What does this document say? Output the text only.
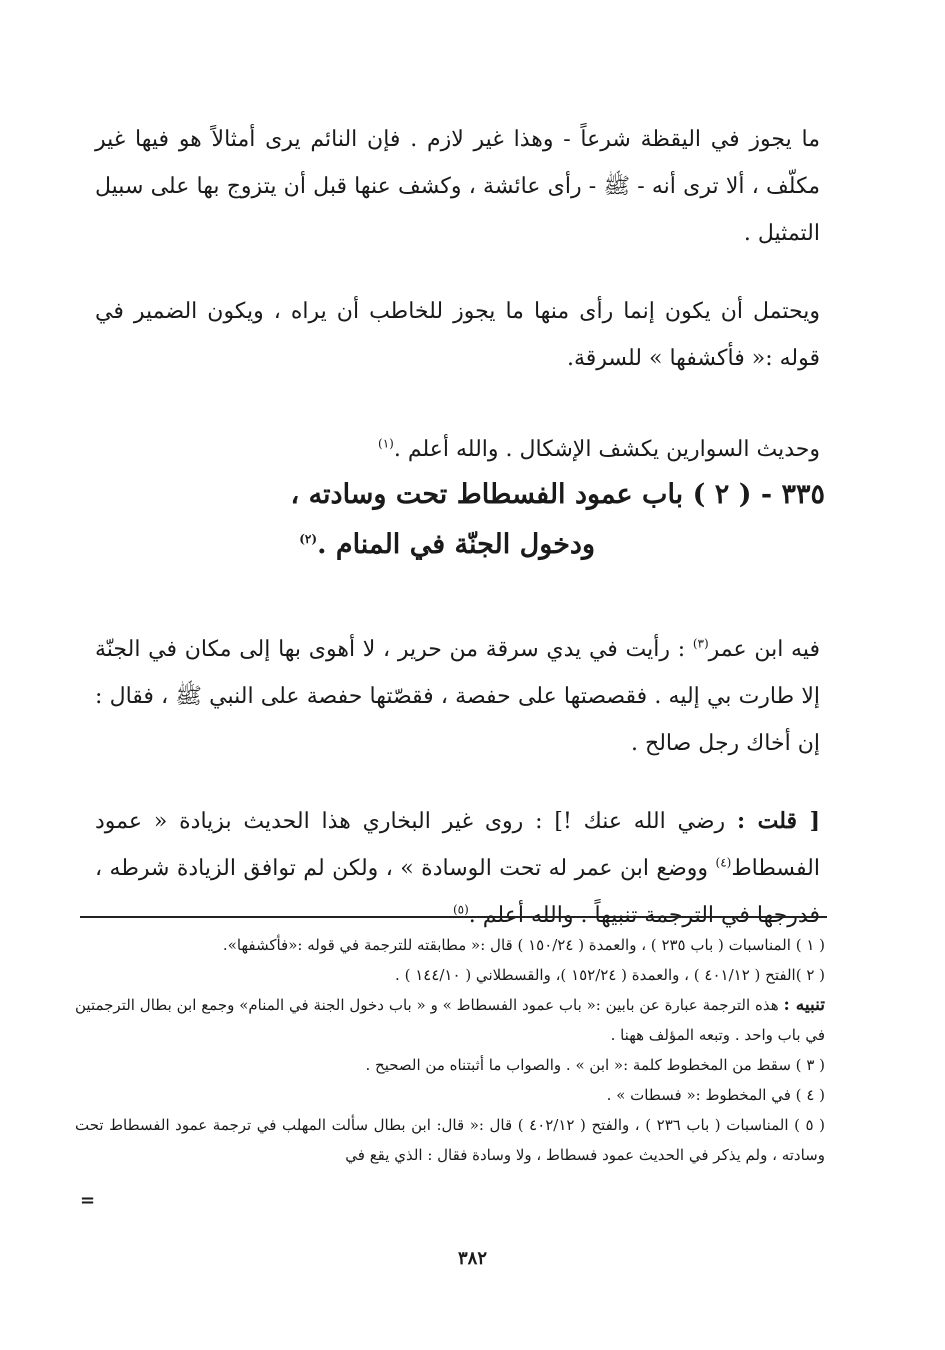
ما يجوز في اليقظة شرعاً - وهذا غير لازم . فإن النائم يرى أمثالاً هو فيها غير مكلّف ، ألا ترى أنه - ﷺ - رأى عائشة ، وكشف عنها قبل أن يتزوج بها على سبيل التمثيل .

ويحتمل أن يكون إنما رأى منها ما يجوز للخاطب أن يراه ، ويكون الضمير في قوله :« فأكشفها » للسرقة.

وحديث السوارين يكشف الإشكال . والله أعلم .$^{(١)}$

٣٣٥ - ( ٢ ) باب عمود الفسطاط تحت وسادته ،
ودخول الجنّة في المنام .$^{(٢)}$

فيه ابن عمر$^{(٣)}$ : رأيت في يدي سرقة من حرير ، لا أهوى بها إلى مكان في الجنّة إلا طارت بي إليه . فقصصتها على حفصة ، فقصّتها حفصة على النبي ﷺ ، فقال : إن أخاك رجل صالح .

[ قلت : رضي الله عنك !] : روى غير البخاري هذا الحديث بزيادة « عمود الفسطاط$^{(٤)}$ ووضع ابن عمر له تحت الوسادة » ، ولكن لم توافق الزيادة شرطه ، فدرجها في الترجمة تنبيهاً . والله أعلم .$^{(٥)}$

( ١ ) المناسبات ( باب ٢٣٥ ) ، والعمدة ( ١٥٠/٢٤ ) قال :« مطابقته للترجمة في قوله :«فأكشفها».

( ٢ )الفتح ( ٤٠١/١٢ ) ، والعمدة ( ١٥٢/٢٤ )، والقسطلاني ( ١٤٤/١٠ ) .

تنبيه : هذه الترجمة عبارة عن بابين :« باب عمود الفسطاط » و « باب دخول الجنة في المنام» وجمع ابن بطال الترجمتين في باب واحد . وتبعه المؤلف ههنا .

( ٣ ) سقط من المخطوط كلمة :« ابن » . والصواب ما أثبتناه من الصحيح .

( ٤ ) في المخطوط :« فسطات » .

( ٥ ) المناسبات ( باب ٢٣٦ ) ، والفتح ( ٤٠٢/١٢ ) قال :« قال: ابن بطال سألت المهلب في ترجمة عمود الفسطاط تحت وسادته ، ولم يذكر في الحديث عمود فسطاط ، ولا وسادة فقال : الذي يقع في

=
٣٨٢
